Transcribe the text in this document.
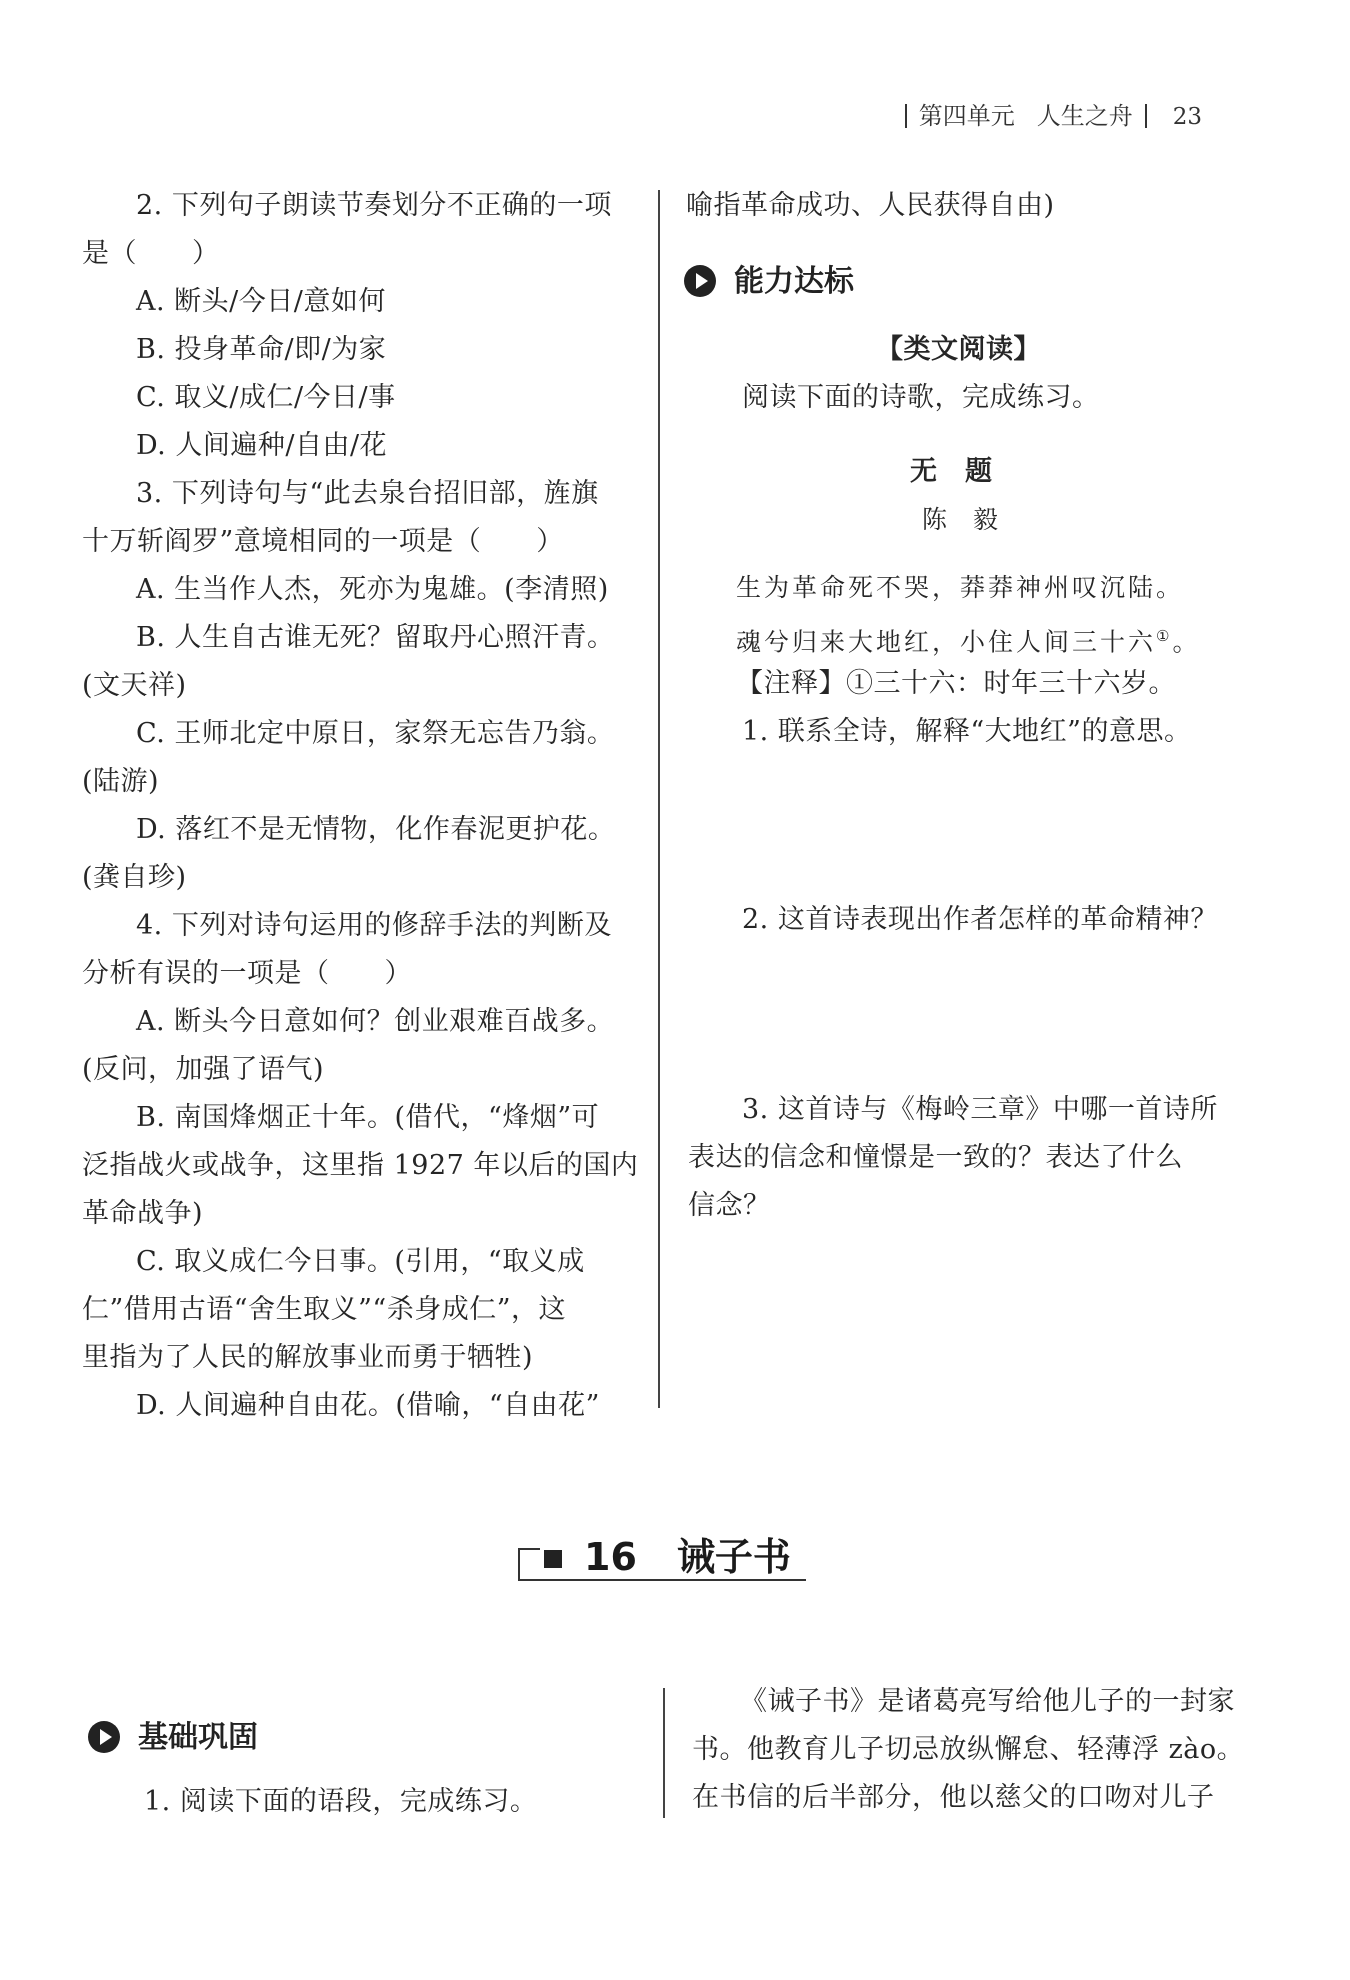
第四单元 人生之舟 23
2. 下列句子朗读节奏划分不正确的一项
是（　　）
A. 断头/今日/意如何
B. 投身革命/即/为家
C. 取义/成仁/今日/事
D. 人间遍种/自由/花
3. 下列诗句与“此去泉台招旧部，旌旗
十万斩阎罗”意境相同的一项是（　　）
A. 生当作人杰，死亦为鬼雄。(李清照)
B. 人生自古谁无死？留取丹心照汗青。
(文天祥)
C. 王师北定中原日，家祭无忘告乃翁。
(陆游)
D. 落红不是无情物，化作春泥更护花。
(龚自珍)
4. 下列对诗句运用的修辞手法的判断及
分析有误的一项是（　　）
A. 断头今日意如何？创业艰难百战多。
(反问，加强了语气)
B. 南国烽烟正十年。(借代，“烽烟”可
泛指战火或战争，这里指 1927 年以后的国内
革命战争)
C. 取义成仁今日事。(引用，“取义成
仁”借用古语“舍生取义”“杀身成仁”，这
里指为了人民的解放事业而勇于牺牲)
D. 人间遍种自由花。(借喻，“自由花”
喻指革命成功、人民获得自由)
能力达标
【类文阅读】
阅读下面的诗歌，完成练习。
无　题
陈　毅
生为革命死不哭，莽莽神州叹沉陆。
魂兮归来大地红，小住人间三十六①。
【注释】①三十六：时年三十六岁。
1. 联系全诗，解释“大地红”的意思。
2. 这首诗表现出作者怎样的革命精神？
3. 这首诗与《梅岭三章》中哪一首诗所
表达的信念和憧憬是一致的？表达了什么
信念？
16 诫子书
基础巩固
1. 阅读下面的语段，完成练习。
《诫子书》是诸葛亮写给他儿子的一封家
书。他教育儿子切忌放纵懈怠、轻薄浮 zào。
在书信的后半部分，他以慈父的口吻对儿子
